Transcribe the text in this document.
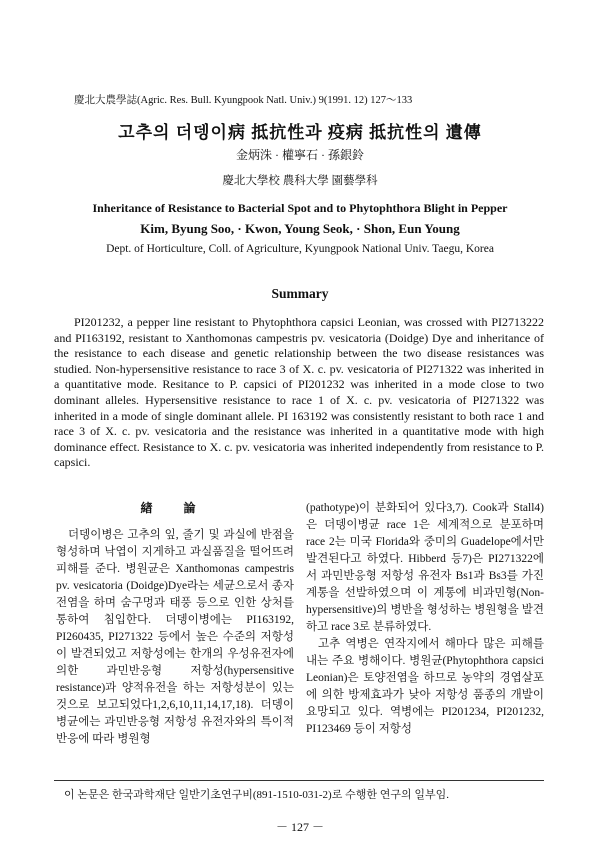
慶北大農學誌(Agric. Res. Bull. Kyungpook Natl. Univ.) 9(1991. 12) 127～133
고추의 더뎅이病 抵抗性과 疫病 抵抗性의 遺傳
金炳洙 · 權寧石 · 孫銀鈴
慶北大學校 農科大學 園藝學科
Inheritance of Resistance to Bacterial Spot and to Phytophthora Blight in Pepper
Kim, Byung Soo, · Kwon, Young Seok, · Shon, Eun Young
Dept. of Horticulture, Coll. of Agriculture, Kyungpook National Univ. Taegu, Korea
Summary

PI201232, a pepper line resistant to Phytophthora capsici Leonian, was crossed with PI2713222 and PI163192, resistant to Xanthomonas campestris pv. vesicatoria (Doidge) Dye and inheritance of the resistance to each disease and genetic relationship between the two disease resistances was studied. Non-hypersensitive resistance to race 3 of X. c. pv. vesicatoria of PI271322 was inherited in a quantitative mode. Resitance to P. capsici of PI201232 was inherited in a mode close to two dominant alleles. Hypersensitive resistance to race 1 of X. c. pv. vesicatoria of PI271322 was inherited in a mode of single dominant allele. PI 163192 was consistently resistant to both race 1 and race 3 of X. c. pv. vesicatoria and the resistance was inherited in a quantitative mode with high dominance effect. Resistance to X. c. pv. vesicatoria was inherited independently from resistance to P. capsici.

緖 論

더뎅이병은 고추의 잎, 줄기 및 과실에 반점을 형성하며 낙엽이 지게하고 과실품질을 떨어뜨려 피해를 준다. 병원균은 Xanthomonas campestris pv. vesicatoria (Doidge)Dye라는 세균으로서 종자전염을 하며 숨구멍과 태풍 등으로 인한 상처를 통하여 침입한다. 더뎅이병에는 PI163192, PI260435, PI271322 등에서 높은 수준의 저항성이 발견되었고 저항성에는 한개의 우성유전자에 의한 과민반응형 저항성(hypersensitive resistance)과 양적유전을 하는 저항성분이 있는 것으로 보고되었다1,2,6,10,11,14,17,18). 더뎅이병균에는 과민반응형 저항성 유전자와의 특이적 반응에 따라 병원형

(pathotype)이 분화되어 있다3,7). Cook과 Stall4)은 더뎅이병균 race 1은 세계적으로 분포하며 race 2는 미국 Florida와 중미의 Guadelope에서만 발견된다고 하였다. Hibberd 등7)은 PI271322에서 과민반응형 저항성 유전자 Bs1과 Bs3를 가진 계통을 선발하였으며 이 계통에 비과민형(Non-hypersensitive)의 병반을 형성하는 병원형을 발견하고 race 3로 분류하였다.

고추 역병은 연작지에서 해마다 많은 피해를 내는 주요 병해이다. 병원균(Phytophthora capsici Leonian)은 토양전염을 하므로 농약의 경엽살포에 의한 방제효과가 낮아 저항성 품종의 개발이 요망되고 있다. 역병에는 PI201234, PI201232, PI123469 등이 저항성

이 논문은 한국과학재단 일반기초연구비(891-1510-031-2)로 수행한 연구의 일부임.
－ 127 －
